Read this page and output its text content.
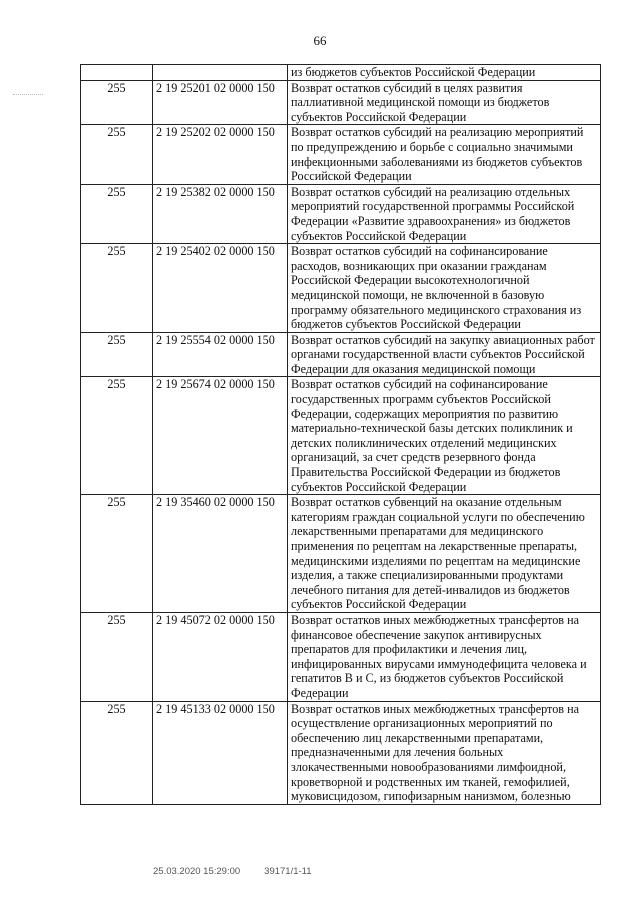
66
		из бюджетов субъектов Российской Федерации
255	2 19 25201 02 0000 150	Возврат остатков субсидий в целях развития паллиативной медицинской помощи из бюджетов субъектов Российской Федерации
255	2 19 25202 02 0000 150	Возврат остатков субсидий на реализацию мероприятий по предупреждению и борьбе с социально значимыми инфекционными заболеваниями из бюджетов субъектов Российской Федерации
255	2 19 25382 02 0000 150	Возврат остатков субсидий на реализацию отдельных мероприятий государственной программы Российской Федерации «Развитие здравоохранения» из бюджетов субъектов Российской Федерации
255	2 19 25402 02 0000 150	Возврат остатков субсидий на софинансирование расходов, возникающих при оказании гражданам Российской Федерации высокотехнологичной медицинской помощи, не включенной в базовую программу обязательного медицинского страхования из бюджетов субъектов Российской Федерации
255	2 19 25554 02 0000 150	Возврат остатков субсидий на закупку авиационных работ органами государственной власти субъектов Российской Федерации для оказания медицинской помощи
255	2 19 25674 02 0000 150	Возврат остатков субсидий на софинансирование государственных программ субъектов Российской Федерации, содержащих мероприятия по развитию материально-технической базы детских поликлиник и детских поликлинических отделений медицинских организаций, за счет средств резервного фонда Правительства Российской Федерации из бюджетов субъектов Российской Федерации
255	2 19 35460 02 0000 150	Возврат остатков субвенций на оказание отдельным категориям граждан социальной услуги по обеспечению лекарственными препаратами для медицинского применения по рецептам на лекарственные препараты, медицинскими изделиями по рецептам на медицинские изделия, а также специализированными продуктами лечебного питания для детей-инвалидов из бюджетов субъектов Российской Федерации
255	2 19 45072 02 0000 150	Возврат остатков иных межбюджетных трансфертов на финансовое обеспечение закупок антивирусных препаратов для профилактики и лечения лиц, инфицированных вирусами иммунодефицита человека и гепатитов B и C, из бюджетов субъектов Российской Федерации
255	2 19 45133 02 0000 150	Возврат остатков иных межбюджетных трансфертов на осуществление организационных мероприятий по обеспечению лиц лекарственными препаратами, предназначенными для лечения больных злокачественными новообразованиями лимфоидной, кроветворной и родственных им тканей, гемофилией, муковисцидозом, гипофизарным нанизмом, болезнью
25.03.2020 15:29:00	39171/1-11
